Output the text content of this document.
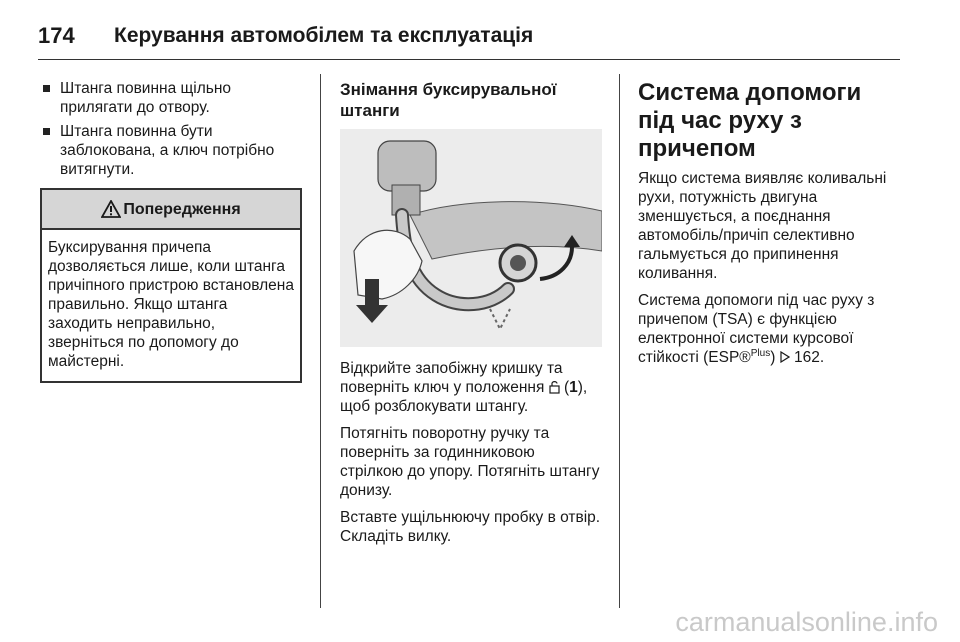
174	Керування автомобілем та експлуатація
Штанга повинна щільно прилягати до отвору.
Штанга повинна бути заблокована, а ключ потрібно витягнути.
Попередження
Буксирування причепа дозволяється лише, коли штанга причіпного пристрою встановлена правильно. Якщо штанга заходить неправильно, зверніться по допомогу до майстерні.
Знімання буксирувальної штанги

Відкрийте запобіжну кришку та поверніть ключ у положення  (1), щоб розблокувати штангу.

Потягніть поворотну ручку та поверніть за годинниковою стрілкою до упору. Потягніть штангу донизу.

Вставте ущільнюючу пробку в отвір. Складіть вилку.

Система допомоги під час руху з причепом

Якщо система виявляє коливальні рухи, потужність двигуна зменшується, а поєднання автомобіль/причіп селективно гальмується до припинення коливання.

Система допомоги під час руху з причепом (TSA) є функцією електронної системи курсової стійкості (ESP®$^{Plus}$)  162.

carmanualsonline.info
